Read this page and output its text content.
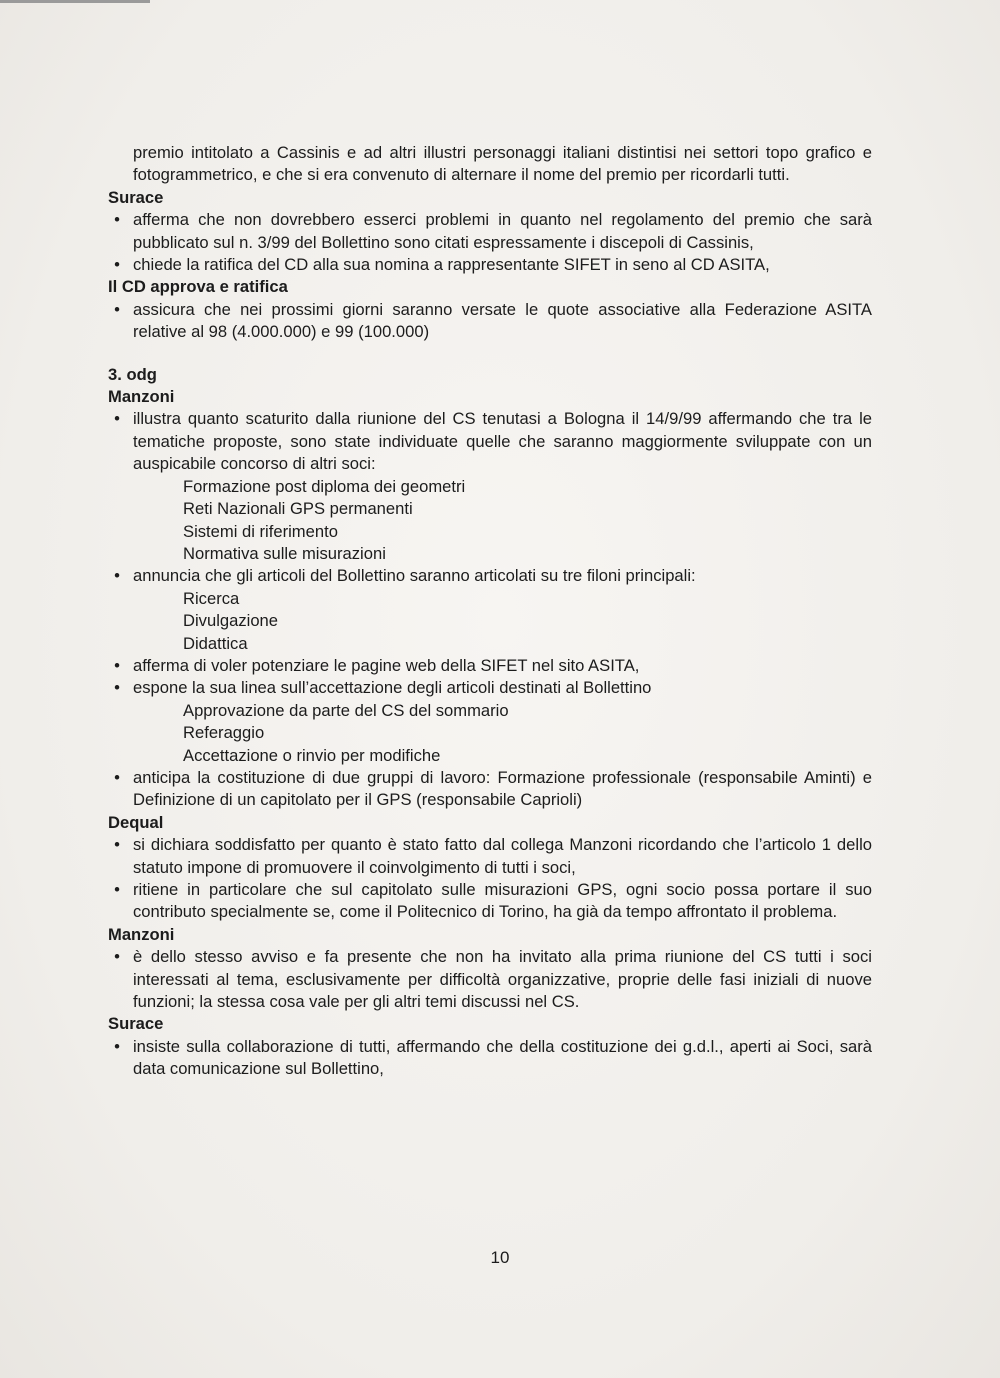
premio intitolato a Cassinis e ad altri illustri personaggi italiani distintisi nei settori topo grafico e fotogrammetrico, e che si era convenuto di alternare il nome del premio per ricordarli tutti.

Surace

• afferma che non dovrebbero esserci problemi in quanto nel regolamento del premio che sarà pubblicato sul n. 3/99 del Bollettino sono citati espressamente i discepoli di Cassinis,
• chiede la ratifica del CD alla sua nomina a rappresentante SIFET in seno al CD ASITA,

Il CD approva e ratifica

• assicura che nei prossimi giorni saranno versate le quote associative alla Federazione ASITA relative al 98 (4.000.000) e 99 (100.000)

3. odg

Manzoni

• illustra quanto scaturito dalla riunione del CS tenutasi a Bologna il 14/9/99 affermando che tra le tematiche proposte, sono state individuate quelle che saranno maggiormente sviluppate con un auspicabile concorso di altri soci:

Formazione post diploma dei geometri

Reti Nazionali GPS permanenti

Sistemi di riferimento

Normativa sulle misurazioni

• annuncia che gli articoli del Bollettino saranno articolati su tre filoni principali:

Ricerca

Divulgazione

Didattica

• afferma di voler potenziare le pagine web della SIFET nel sito ASITA,
• espone la sua linea sull’accettazione degli articoli destinati al Bollettino

Approvazione da parte del CS del sommario

Referaggio

Accettazione o rinvio per modifiche

• anticipa la costituzione di due gruppi di lavoro: Formazione professionale (responsabile Aminti) e Definizione di un capitolato per il GPS (responsabile Caprioli)

Dequal

• si dichiara soddisfatto per quanto è stato fatto dal collega Manzoni ricordando che l’articolo 1 dello statuto impone di promuovere il coinvolgimento di tutti i soci,
• ritiene in particolare che sul capitolato sulle misurazioni GPS, ogni socio possa portare il suo contributo specialmente se, come il Politecnico di Torino, ha già da tempo affrontato il problema.

Manzoni

• è dello stesso avviso e fa presente che non ha invitato alla prima riunione del CS tutti i soci interessati al tema, esclusivamente per difficoltà organizzative, proprie delle fasi iniziali di nuove funzioni; la stessa cosa vale per gli altri temi discussi nel CS.

Surace

• insiste sulla collaborazione di tutti, affermando che della costituzione dei g.d.l., aperti ai Soci, sarà data comunicazione sul Bollettino,
10
